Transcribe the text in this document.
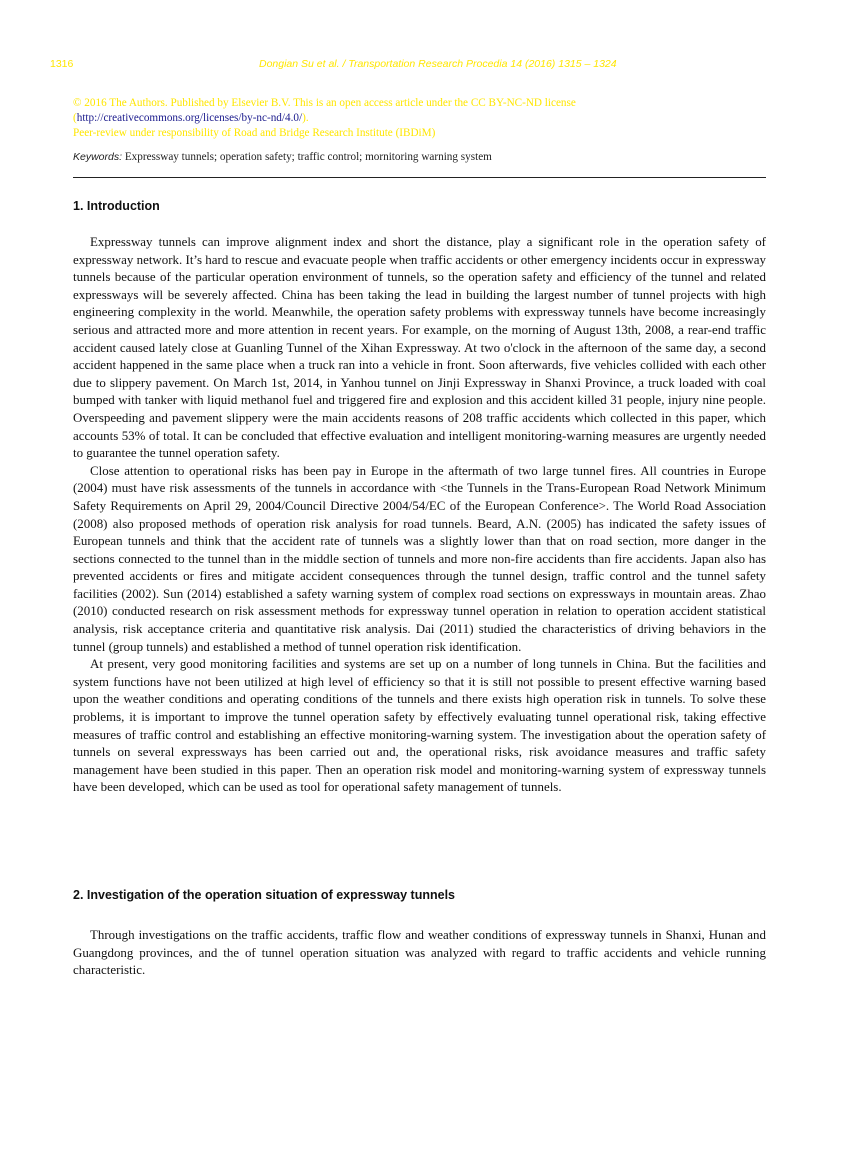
1316	Dongian Su et al. / Transportation Research Procedia 14 (2016) 1315 – 1324
© 2016 The Authors. Published by Elsevier B.V. This is an open access article under the CC BY-NC-ND license
(http://creativecommons.org/licenses/by-nc-nd/4.0/).
Peer-review under responsibility of Road and Bridge Research Institute (IBDiM)
Keywords: Expressway tunnels; operation safety; traffic control; mornitoring warning system
1. Introduction

Expressway tunnels can improve alignment index and short the distance, play a significant role in the operation safety of expressway network. It’s hard to rescue and evacuate people when traffic accidents or other emergency incidents occur in expressway tunnels because of the particular operation environment of tunnels, so the operation safety and efficiency of the tunnel and related expressways will be severely affected. China has been taking the lead in building the largest number of tunnel projects with high engineering complexity in the world. Meanwhile, the operation safety problems with expressway tunnels have become increasingly serious and attracted more and more attention in recent years. For example, on the morning of August 13th, 2008, a rear-end traffic accident caused lately close at Guanling Tunnel of the Xihan Expressway. At two o'clock in the afternoon of the same day, a second accident happened in the same place when a truck ran into a vehicle in front. Soon afterwards, five vehicles collided with each other due to slippery pavement. On March 1st, 2014, in Yanhou tunnel on Jinji Expressway in Shanxi Province, a truck loaded with coal bumped with tanker with liquid methanol fuel and triggered fire and explosion and this accident killed 31 people, injury nine people. Overspeeding and pavement slippery were the main accidents reasons of 208 traffic accidents which collected in this paper, which accounts 53% of total. It can be concluded that effective evaluation and intelligent monitoring-warning measures are urgently needed to guarantee the tunnel operation safety.

Close attention to operational risks has been pay in Europe in the aftermath of two large tunnel fires. All countries in Europe (2004) must have risk assessments of the tunnels in accordance with <the Tunnels in the Trans-European Road Network Minimum Safety Requirements on April 29, 2004/Council Directive 2004/54/EC of the European Conference>. The World Road Association (2008) also proposed methods of operation risk analysis for road tunnels. Beard, A.N. (2005) has indicated the safety issues of European tunnels and think that the accident rate of tunnels was a slightly lower than that on road section, more danger in the sections connected to the tunnel than in the middle section of tunnels and more non-fire accidents than fire accidents. Japan also has prevented accidents or fires and mitigate accident consequences through the tunnel design, traffic control and the tunnel safety facilities (2002). Sun (2014) established a safety warning system of complex road sections on expressways in mountain areas. Zhao (2010) conducted research on risk assessment methods for expressway tunnel operation in relation to operation accident statistical analysis, risk acceptance criteria and quantitative risk analysis. Dai (2011) studied the characteristics of driving behaviors in the tunnel (group tunnels) and established a method of tunnel operation risk identification.

At present, very good monitoring facilities and systems are set up on a number of long tunnels in China. But the facilities and system functions have not been utilized at high level of efficiency so that it is still not possible to present effective warning based upon the weather conditions and operating conditions of the tunnels and there exists high operation risk in tunnels. To solve these problems, it is important to improve the tunnel operation safety by effectively evaluating tunnel operational risk, taking effective measures of traffic control and establishing an effective monitoring-warning system. The investigation about the operation safety of tunnels on several expressways has been carried out and, the operational risks, risk avoidance measures and traffic safety management have been studied in this paper. Then an operation risk model and monitoring-warning system of expressway tunnels have been developed, which can be used as tool for operational safety management of tunnels.

2. Investigation of the operation situation of expressway tunnels

Through investigations on the traffic accidents, traffic flow and weather conditions of expressway tunnels in Shanxi, Hunan and Guangdong provinces, and the of tunnel operation situation was analyzed with regard to traffic accidents and vehicle running characteristic.
